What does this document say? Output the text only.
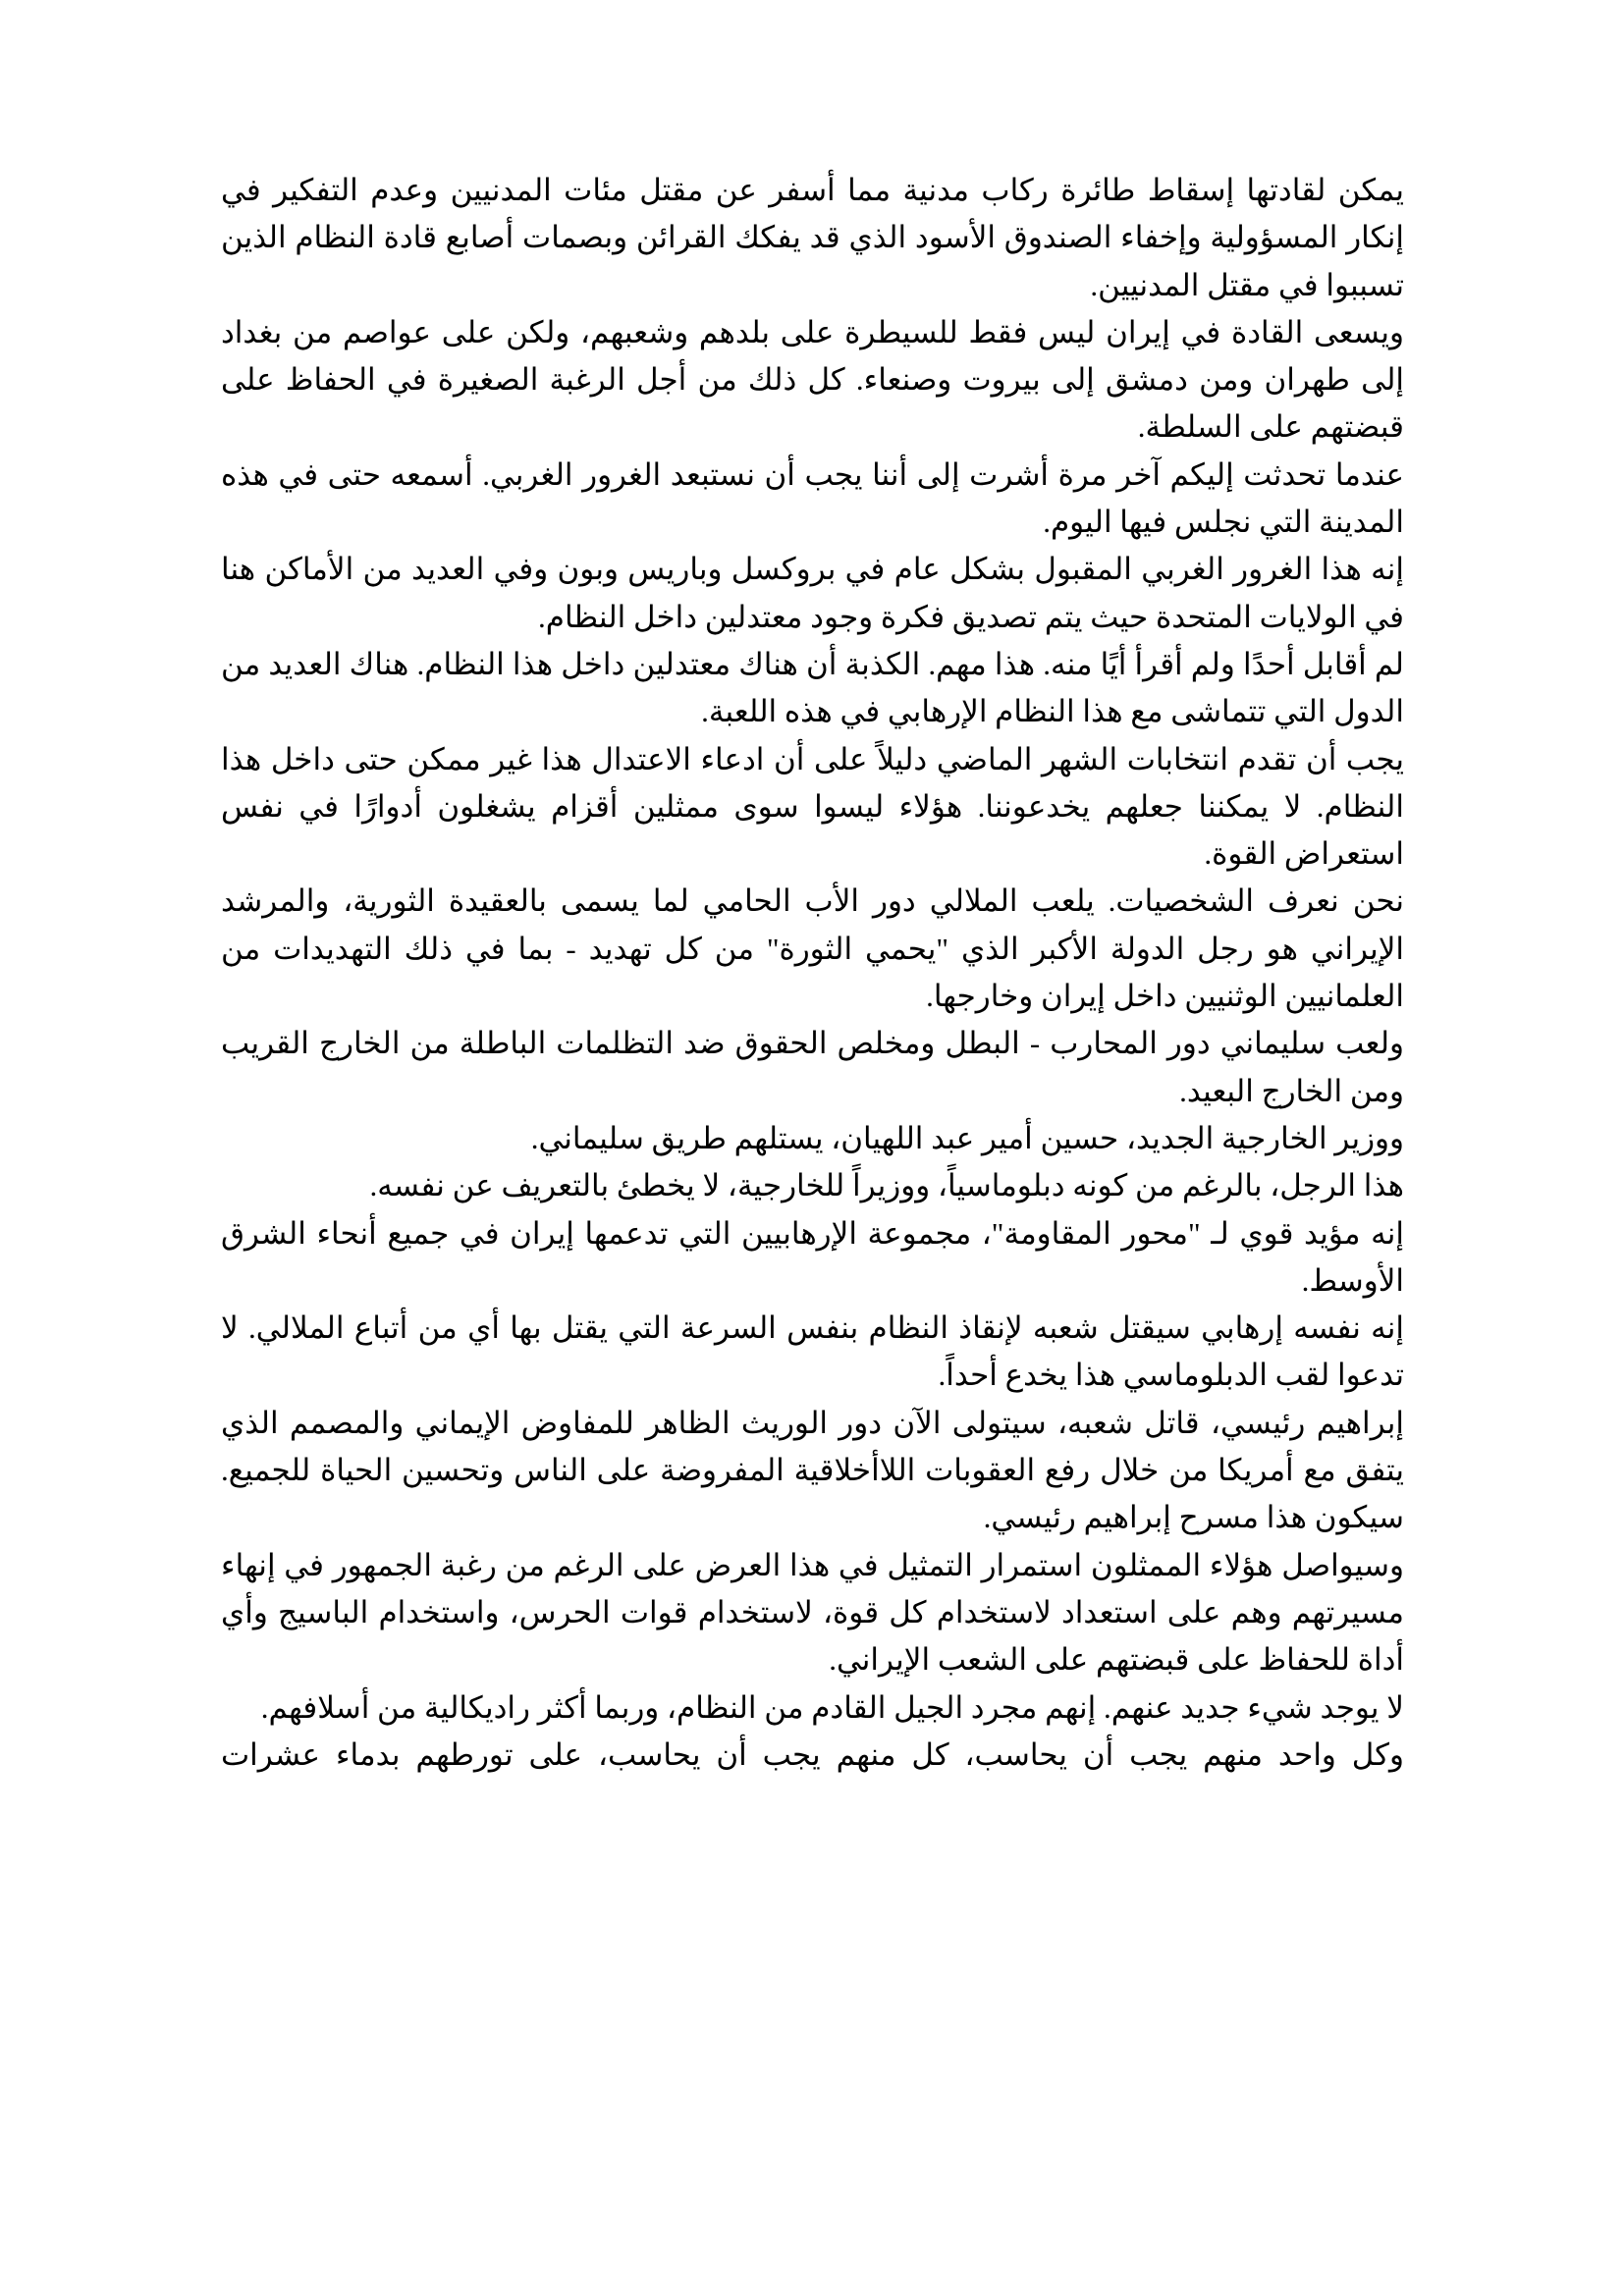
يمكن لقادتها إسقاط طائرة ركاب مدنية مما أسفر عن مقتل مئات المدنيين وعدم التفكير في إنكار المسؤولية وإخفاء الصندوق الأسود الذي قد يفكك القرائن وبصمات أصابع قادة النظام الذين تسببوا في مقتل المدنيين.

ويسعى القادة في إيران ليس فقط للسيطرة على بلدهم وشعبهم، ولكن على عواصم من بغداد إلى طهران ومن دمشق إلى بيروت وصنعاء. كل ذلك من أجل الرغبة الصغيرة في الحفاظ على قبضتهم على السلطة.

عندما تحدثت إليكم آخر مرة أشرت إلى أننا يجب أن نستبعد الغرور الغربي. أسمعه حتى في هذه المدينة التي نجلس فيها اليوم.

إنه هذا الغرور الغربي المقبول بشكل عام في بروكسل وباريس وبون وفي العديد من الأماكن هنا في الولايات المتحدة حيث يتم تصديق فكرة وجود معتدلين داخل النظام.

لم أقابل أحدًا ولم أقرأ أيًا منه. هذا مهم. الكذبة أن هناك معتدلين داخل هذا النظام. هناك العديد من الدول التي تتماشى مع هذا النظام الإرهابي في هذه اللعبة.

يجب أن تقدم انتخابات الشهر الماضي دليلاً على أن ادعاء الاعتدال هذا غير ممكن حتى داخل هذا النظام. لا يمكننا جعلهم يخدعوننا. هؤلاء ليسوا سوى ممثلين أقزام يشغلون أدوارًا في نفس استعراض القوة.

نحن نعرف الشخصيات. يلعب الملالي دور الأب الحامي لما يسمى بالعقيدة الثورية، والمرشد الإيراني هو رجل الدولة الأكبر الذي "يحمي الثورة" من كل تهديد - بما في ذلك التهديدات من العلمانيين الوثنيين داخل إيران وخارجها.

ولعب سليماني دور المحارب - البطل ومخلص الحقوق ضد التظلمات الباطلة من الخارج القريب ومن الخارج البعيد.

ووزير الخارجية الجديد، حسين أمير عبد اللهيان، يستلهم طريق سليماني.

هذا الرجل، بالرغم من كونه دبلوماسياً، ووزيراً للخارجية، لا يخطئ بالتعريف عن نفسه.

إنه مؤيد قوي لـ "محور المقاومة"، مجموعة الإرهابيين التي تدعمها إيران في جميع أنحاء الشرق الأوسط.

إنه نفسه إرهابي سيقتل شعبه لإنقاذ النظام بنفس السرعة التي يقتل بها أي من أتباع الملالي. لا تدعوا لقب الدبلوماسي هذا يخدع أحداً.

إبراهيم رئيسي، قاتل شعبه، سيتولى الآن دور الوريث الظاهر للمفاوض الإيماني والمصمم الذي يتفق مع أمريكا من خلال رفع العقوبات اللاأخلاقية المفروضة على الناس وتحسين الحياة للجميع. سيكون هذا مسرح إبراهيم رئيسي.

وسيواصل هؤلاء الممثلون استمرار التمثيل في هذا العرض على الرغم من رغبة الجمهور في إنهاء مسيرتهم وهم على استعداد لاستخدام كل قوة، لاستخدام قوات الحرس، واستخدام الباسيج وأي أداة للحفاظ على قبضتهم على الشعب الإيراني.

لا يوجد شيء جديد عنهم. إنهم مجرد الجيل القادم من النظام، وربما أكثر راديكالية من أسلافهم.

وكل واحد منهم يجب أن يحاسب، كل منهم يجب أن يحاسب، على تورطهم بدماء عشرات
